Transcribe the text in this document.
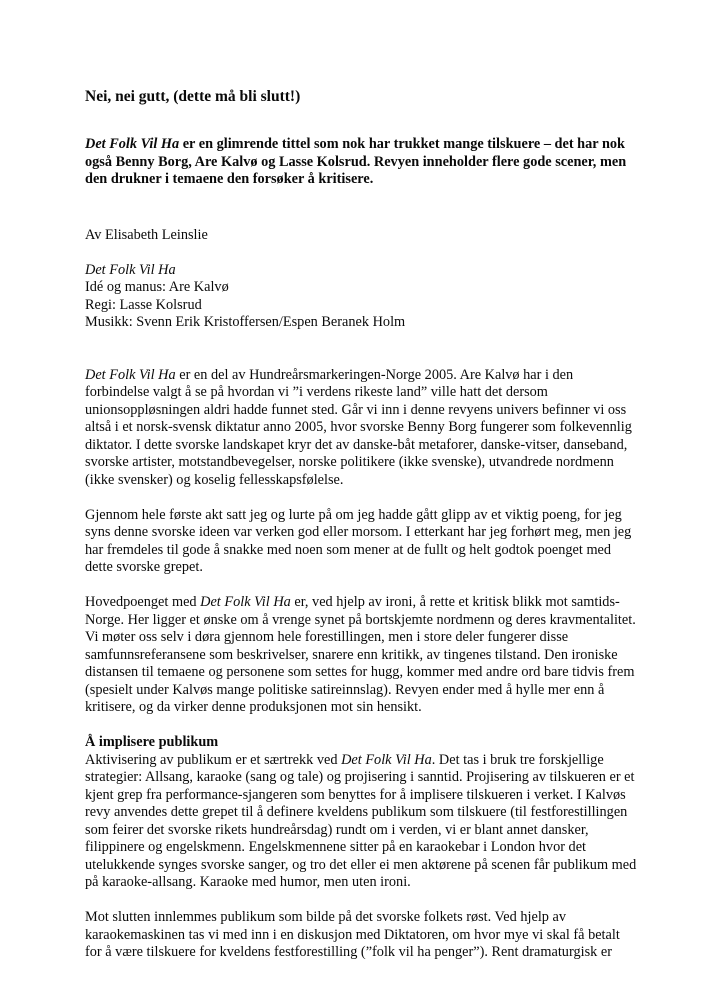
Nei, nei gutt, (dette må bli slutt!)

Det Folk Vil Ha er en glimrende tittel som nok har trukket mange tilskuere – det har nok også Benny Borg, Are Kalvø og Lasse Kolsrud. Revyen inneholder flere gode scener, men den drukner i temaene den forsøker å kritisere.

Av Elisabeth Leinslie

Det Folk Vil Ha
Idé og manus: Are Kalvø
Regi: Lasse Kolsrud
Musikk: Svenn Erik Kristoffersen/Espen Beranek Holm

Det Folk Vil Ha er en del av Hundreårsmarkeringen-Norge 2005. Are Kalvø har i den forbindelse valgt å se på hvordan vi ”i verdens rikeste land” ville hatt det dersom unionsoppløsningen aldri hadde funnet sted. Går vi inn i denne revyens univers befinner vi oss altså i et norsk-svensk diktatur anno 2005, hvor svorske Benny Borg fungerer som folkevennlig diktator. I dette svorske landskapet kryr det av danske-båt metaforer, danske-vitser, danseband, svorske artister, motstandbevegelser, norske politikere (ikke svenske), utvandrede nordmenn (ikke svensker) og koselig fellesskapsfølelse.

Gjennom hele første akt satt jeg og lurte på om jeg hadde gått glipp av et viktig poeng, for jeg syns denne svorske ideen var verken god eller morsom. I etterkant har jeg forhørt meg, men jeg har fremdeles til gode å snakke med noen som mener at de fullt og helt godtok poenget med dette svorske grepet.

Hovedpoenget med Det Folk Vil Ha er, ved hjelp av ironi, å rette et kritisk blikk mot samtids-Norge. Her ligger et ønske om å vrenge synet på bortskjemte nordmenn og deres kravmentalitet. Vi møter oss selv i døra gjennom hele forestillingen, men i store deler fungerer disse samfunnsreferansene som beskrivelser, snarere enn kritikk, av tingenes tilstand. Den ironiske distansen til temaene og personene som settes for hugg, kommer med andre ord bare tidvis frem (spesielt under Kalvøs mange politiske satireinnslag). Revyen ender med å hylle mer enn å kritisere, og da virker denne produksjonen mot sin hensikt.

Å implisere publikum

Aktivisering av publikum er et særtrekk ved Det Folk Vil Ha. Det tas i bruk tre forskjellige strategier: Allsang, karaoke (sang og tale) og projisering i sanntid. Projisering av tilskueren er et kjent grep fra performance-sjangeren som benyttes for å implisere tilskueren i verket. I Kalvøs revy anvendes dette grepet til å definere kveldens publikum som tilskuere (til festforestillingen som feirer det svorske rikets hundreårsdag) rundt om i verden, vi er blant annet dansker, filippinere og engelskmenn. Engelskmennene sitter på en karaokebar i London hvor det utelukkende synges svorske sanger, og tro det eller ei men aktørene på scenen får publikum med på karaoke-allsang. Karaoke med humor, men uten ironi.

Mot slutten innlemmes publikum som bilde på det svorske folkets røst. Ved hjelp av karaokemaskinen tas vi med inn i en diskusjon med Diktatoren, om hvor mye vi skal få betalt for å være tilskuere for kveldens festforestilling (”folk vil ha penger”). Rent dramaturgisk er
